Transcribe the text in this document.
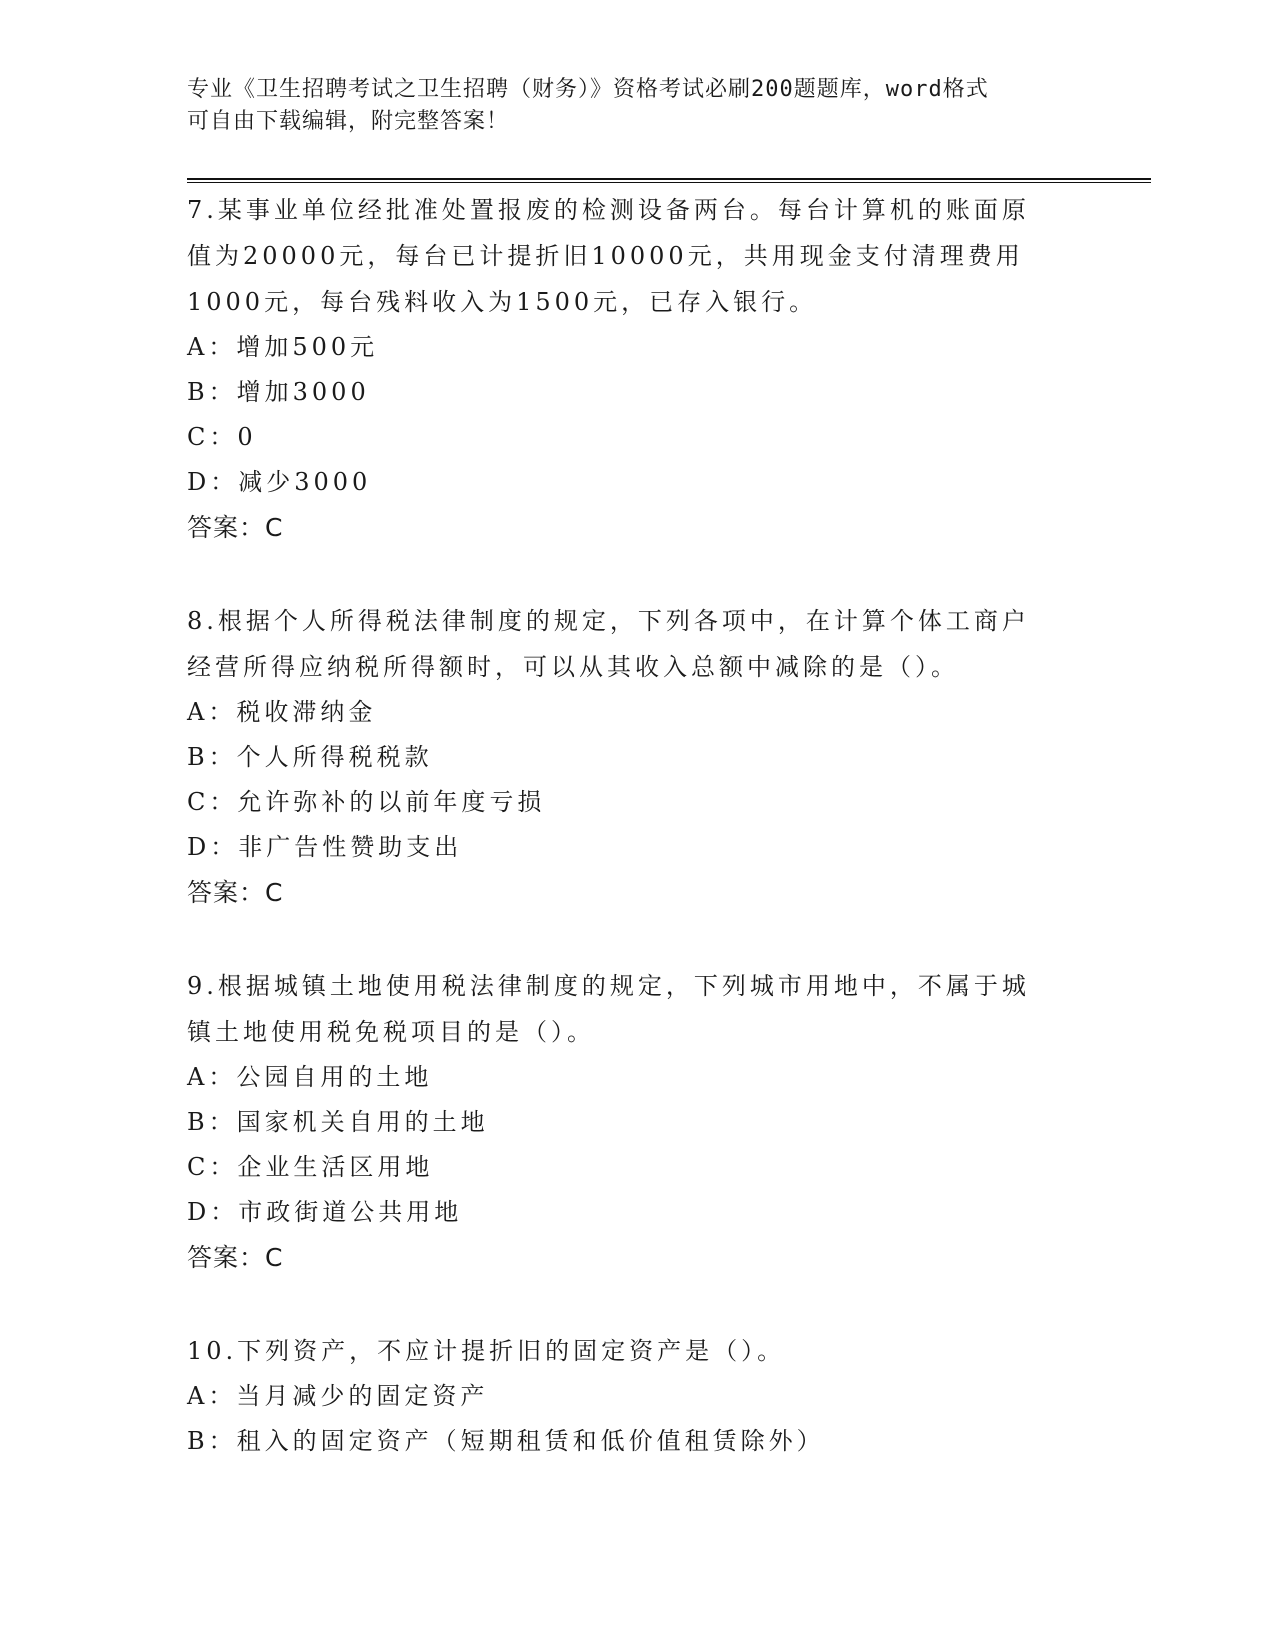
专业《卫生招聘考试之卫生招聘（财务）》资格考试必刷200题题库，word格式
可自由下载编辑，附完整答案！
7.某事业单位经批准处置报废的检测设备两台。每台计算机的账面原
值为20000元，每台已计提折旧10000元，共用现金支付清理费用
1000元，每台残料收入为1500元，已存入银行。
A：增加500元
B：增加3000
C：0
D：减少3000
答案：C
8.根据个人所得税法律制度的规定，下列各项中，在计算个体工商户
经营所得应纳税所得额时，可以从其收入总额中减除的是（）。
A：税收滞纳金
B：个人所得税税款
C：允许弥补的以前年度亏损
D：非广告性赞助支出
答案：C
9.根据城镇土地使用税法律制度的规定，下列城市用地中，不属于城
镇土地使用税免税项目的是（）。
A：公园自用的土地
B：国家机关自用的土地
C：企业生活区用地
D：市政街道公共用地
答案：C
10.下列资产，不应计提折旧的固定资产是（）。
A：当月减少的固定资产
B：租入的固定资产（短期租赁和低价值租赁除外）
